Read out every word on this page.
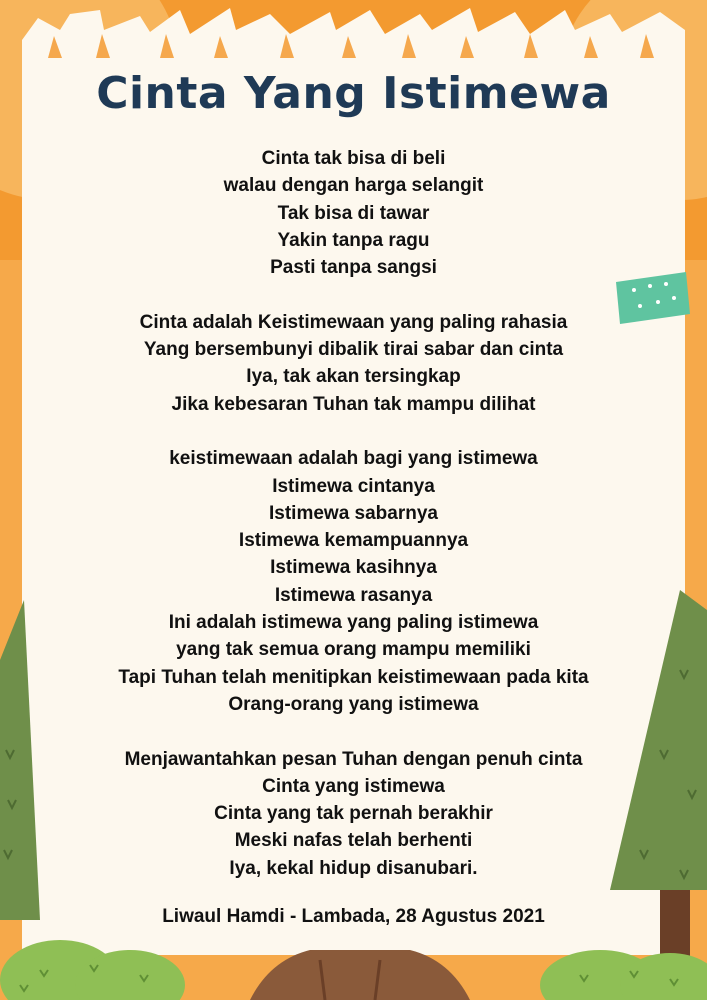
Cinta Yang Istimewa
Cinta tak bisa di beli
walau dengan harga selangit
Tak bisa di tawar
Yakin tanpa ragu
Pasti tanpa sangsi
Cinta adalah Keistimewaan yang paling rahasia
Yang bersembunyi dibalik tirai sabar dan cinta
Iya, tak akan tersingkap
Jika kebesaran Tuhan tak mampu dilihat
keistimewaan adalah bagi yang istimewa
Istimewa cintanya
Istimewa sabarnya
Istimewa kemampuannya
Istimewa kasihnya
Istimewa rasanya
Ini adalah istimewa yang paling istimewa
yang tak semua orang mampu memiliki
Tapi Tuhan telah menitipkan keistimewaan pada kita
Orang-orang yang istimewa
Menjawantahkan pesan Tuhan dengan penuh cinta
Cinta yang istimewa
Cinta yang tak pernah berakhir
Meski nafas telah berhenti
Iya, kekal hidup disanubari.
Liwaul Hamdi - Lambada, 28 Agustus 2021
